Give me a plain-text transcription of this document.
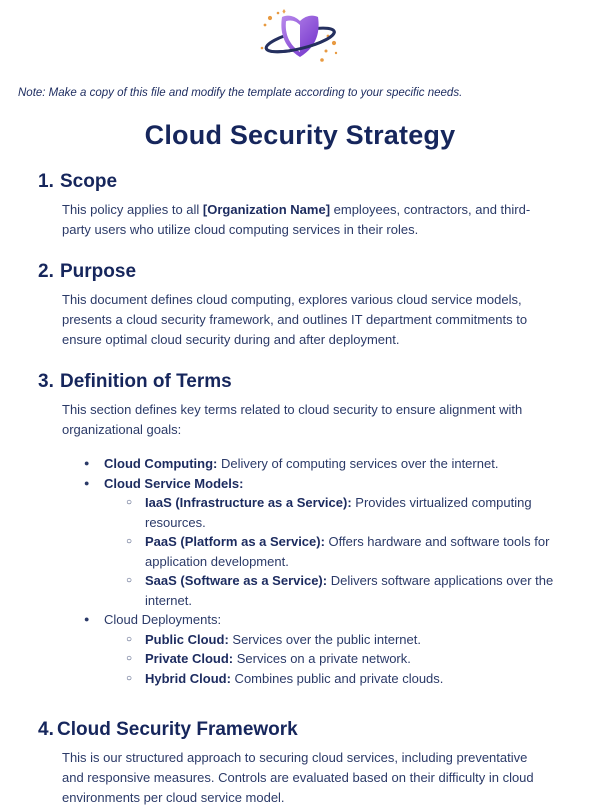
Note: Make a copy of this file and modify the template according to your specific needs.

Cloud Security Strategy
1. Scope

This policy applies to all [Organization Name] employees, contractors, and third-party users who utilize cloud computing services in their roles.

2. Purpose

This document defines cloud computing, explores various cloud service models, presents a cloud security framework, and outlines IT department commitments to ensure optimal cloud security during and after deployment.

3. Definition of Terms

This section defines key terms related to cloud security to ensure alignment with organizational goals:

●	Cloud Computing: Delivery of computing services over the internet.
●	Cloud Service Models:
○ IaaS (Infrastructure as a Service): Provides virtualized computing resources.
○ PaaS (Platform as a Service): Offers hardware and software tools for application development.
○ SaaS (Software as a Service): Delivers software applications over the internet.
●	Cloud Deployments:
○ Public Cloud: Services over the public internet.
○ Private Cloud: Services on a private network.
○ Hybrid Cloud: Combines public and private clouds.
4. Cloud Security Framework

This is our structured approach to securing cloud services, including preventative and responsive measures. Controls are evaluated based on their difficulty in cloud environments per cloud service model.
